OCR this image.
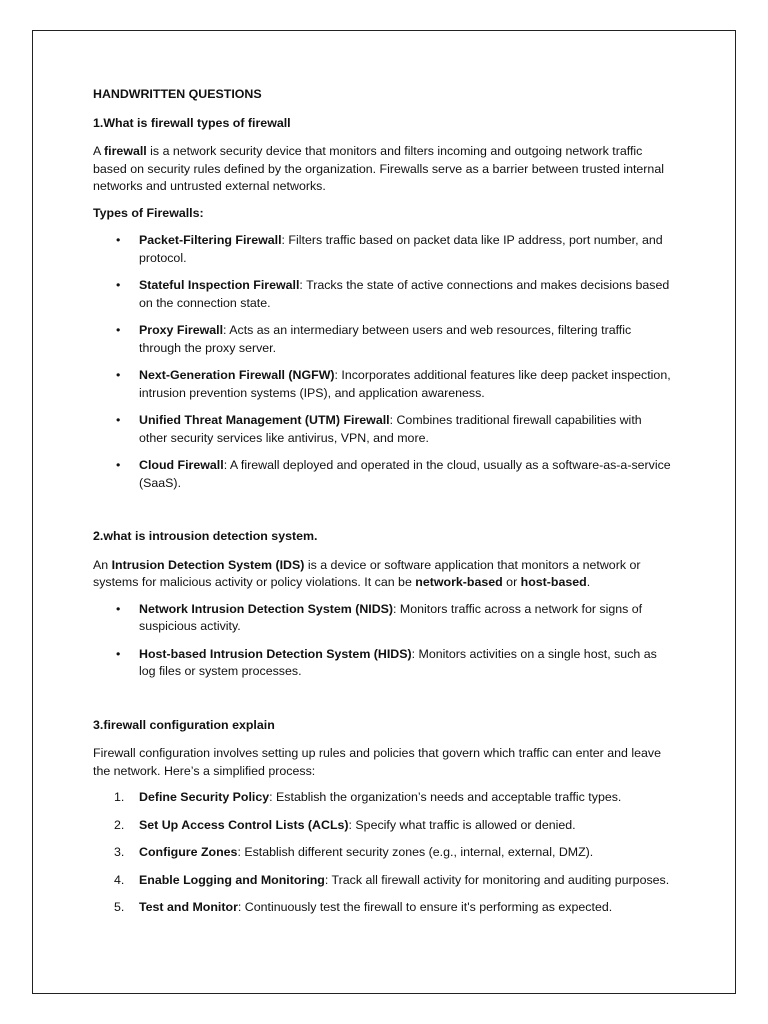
HANDWRITTEN QUESTIONS
1.What is firewall types of firewall

A firewall is a network security device that monitors and filters incoming and outgoing network traffic based on security rules defined by the organization. Firewalls serve as a barrier between trusted internal networks and untrusted external networks.

Types of Firewalls:
• Packet-Filtering Firewall: Filters traffic based on packet data like IP address, port number, and protocol.
• Stateful Inspection Firewall: Tracks the state of active connections and makes decisions based on the connection state.
• Proxy Firewall: Acts as an intermediary between users and web resources, filtering traffic through the proxy server.
• Next-Generation Firewall (NGFW): Incorporates additional features like deep packet inspection, intrusion prevention systems (IPS), and application awareness.
• Unified Threat Management (UTM) Firewall: Combines traditional firewall capabilities with other security services like antivirus, VPN, and more.
• Cloud Firewall: A firewall deployed and operated in the cloud, usually as a software-as-a-service (SaaS).
2.what is introusion detection system.

An Intrusion Detection System (IDS) is a device or software application that monitors a network or systems for malicious activity or policy violations. It can be network-based or host-based.

• Network Intrusion Detection System (NIDS): Monitors traffic across a network for signs of suspicious activity.
• Host-based Intrusion Detection System (HIDS): Monitors activities on a single host, such as log files or system processes.
3.firewall configuration explain

Firewall configuration involves setting up rules and policies that govern which traffic can enter and leave the network. Here’s a simplified process:

1. Define Security Policy: Establish the organization’s needs and acceptable traffic types.
2. Set Up Access Control Lists (ACLs): Specify what traffic is allowed or denied.
3. Configure Zones: Establish different security zones (e.g., internal, external, DMZ).
4. Enable Logging and Monitoring: Track all firewall activity for monitoring and auditing purposes.
5. Test and Monitor: Continuously test the firewall to ensure it's performing as expected.
